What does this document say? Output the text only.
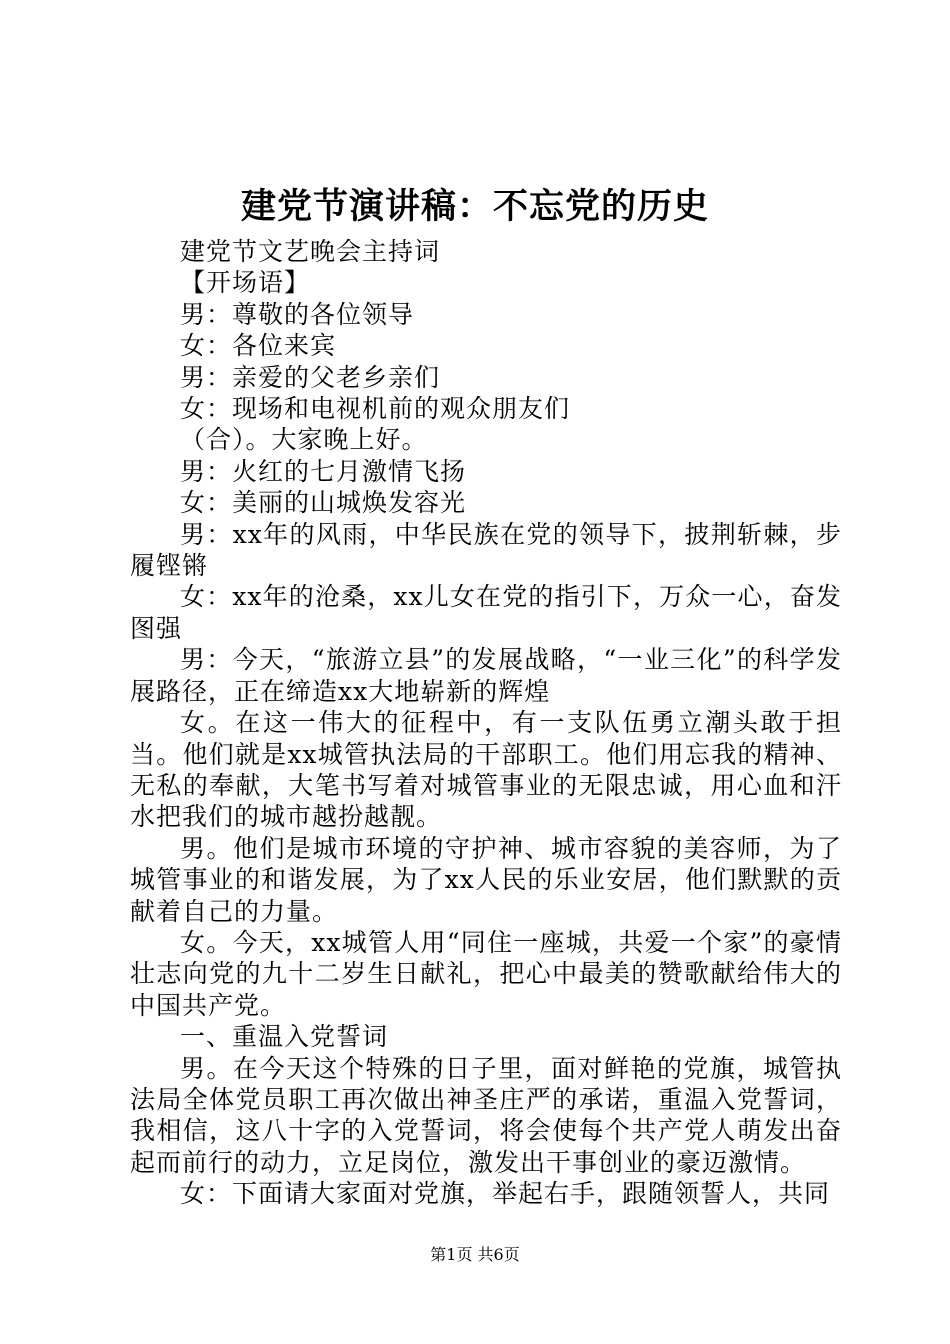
建党节演讲稿：不忘党的历史

建党节文艺晚会主持词

【开场语】

男：尊敬的各位领导

女：各位来宾

男：亲爱的父老乡亲们

女：现场和电视机前的观众朋友们

（合）。大家晚上好。

男：火红的七月激情飞扬

女：美丽的山城焕发容光

男：xx年的风雨，中华民族在党的领导下，披荆斩棘，步履铿锵

女：xx年的沧桑，xx儿女在党的指引下，万众一心，奋发图强

男：今天，“旅游立县”的发展战略，“一业三化”的科学发展路径，正在缔造xx大地崭新的辉煌

女。在这一伟大的征程中，有一支队伍勇立潮头敢于担当。他们就是xx城管执法局的干部职工。他们用忘我的精神、无私的奉献，大笔书写着对城管事业的无限忠诚，用心血和汗水把我们的城市越扮越靓。

男。他们是城市环境的守护神、城市容貌的美容师，为了城管事业的和谐发展，为了xx人民的乐业安居，他们默默的贡献着自己的力量。

女。今天，xx城管人用“同住一座城，共爱一个家”的豪情壮志向党的九十二岁生日献礼，把心中最美的赞歌献给伟大的中国共产党。

一、重温入党誓词

男。在今天这个特殊的日子里，面对鲜艳的党旗，城管执法局全体党员职工再次做出神圣庄严的承诺，重温入党誓词，我相信，这八十字的入党誓词，将会使每个共产党人萌发出奋起而前行的动力，立足岗位，激发出干事创业的豪迈激情。

女：下面请大家面对党旗，举起右手，跟随领誓人，共同

第1页 共6页
